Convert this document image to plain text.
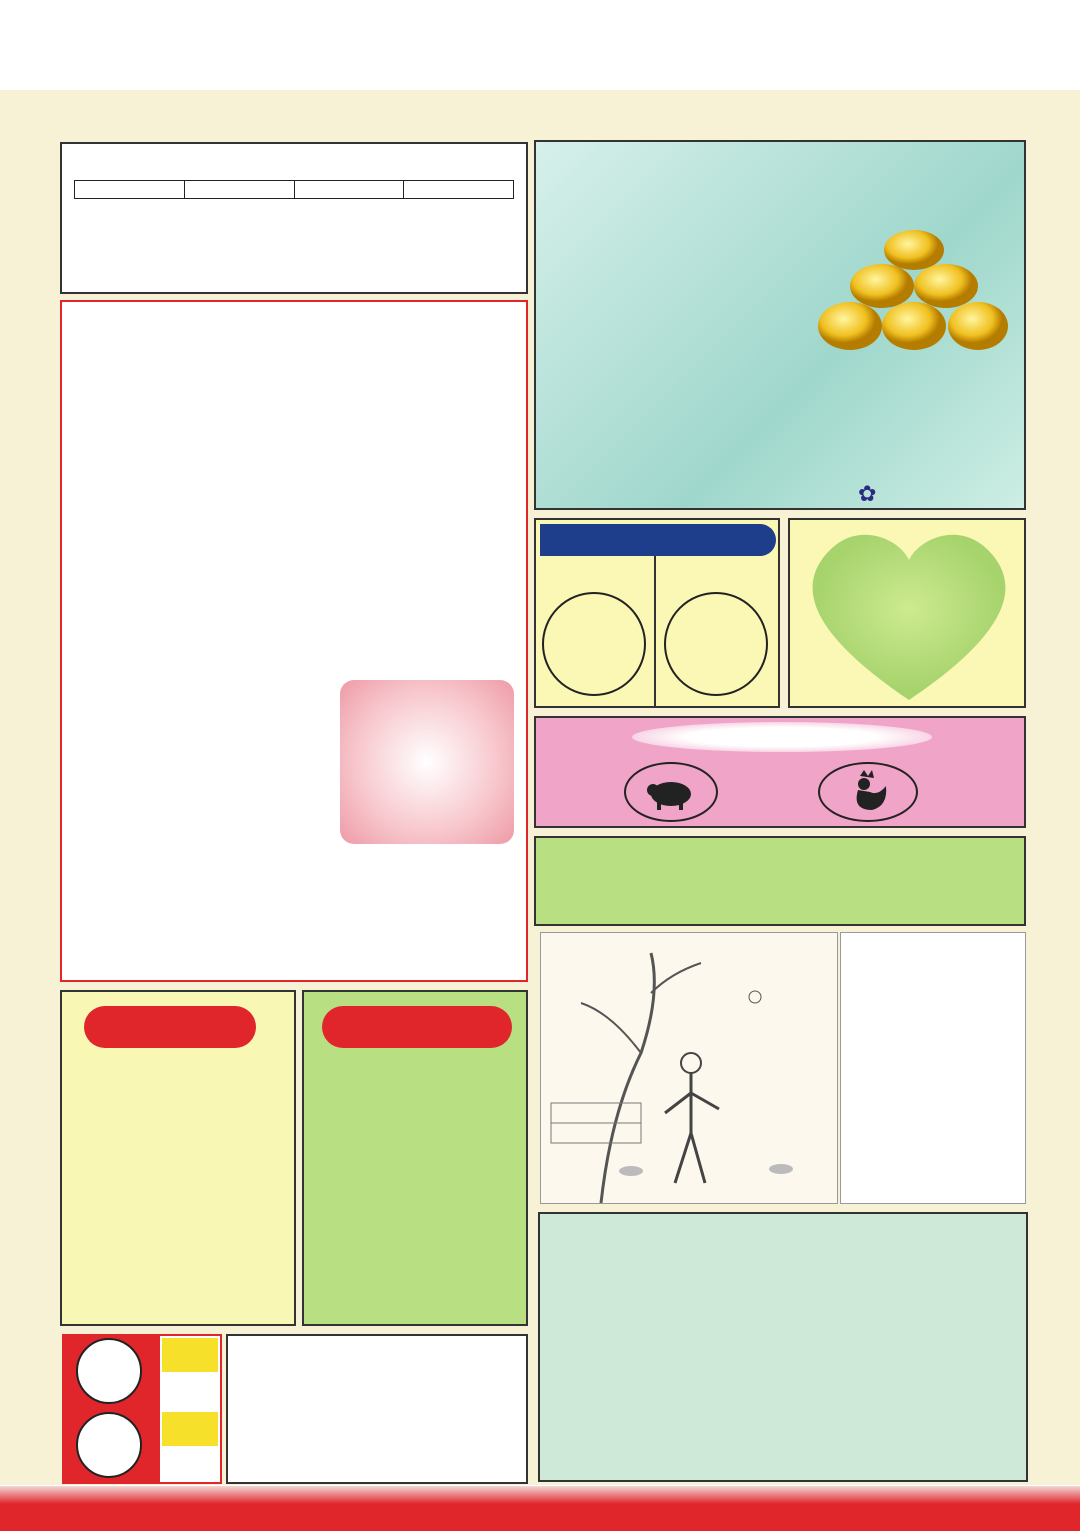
✿
